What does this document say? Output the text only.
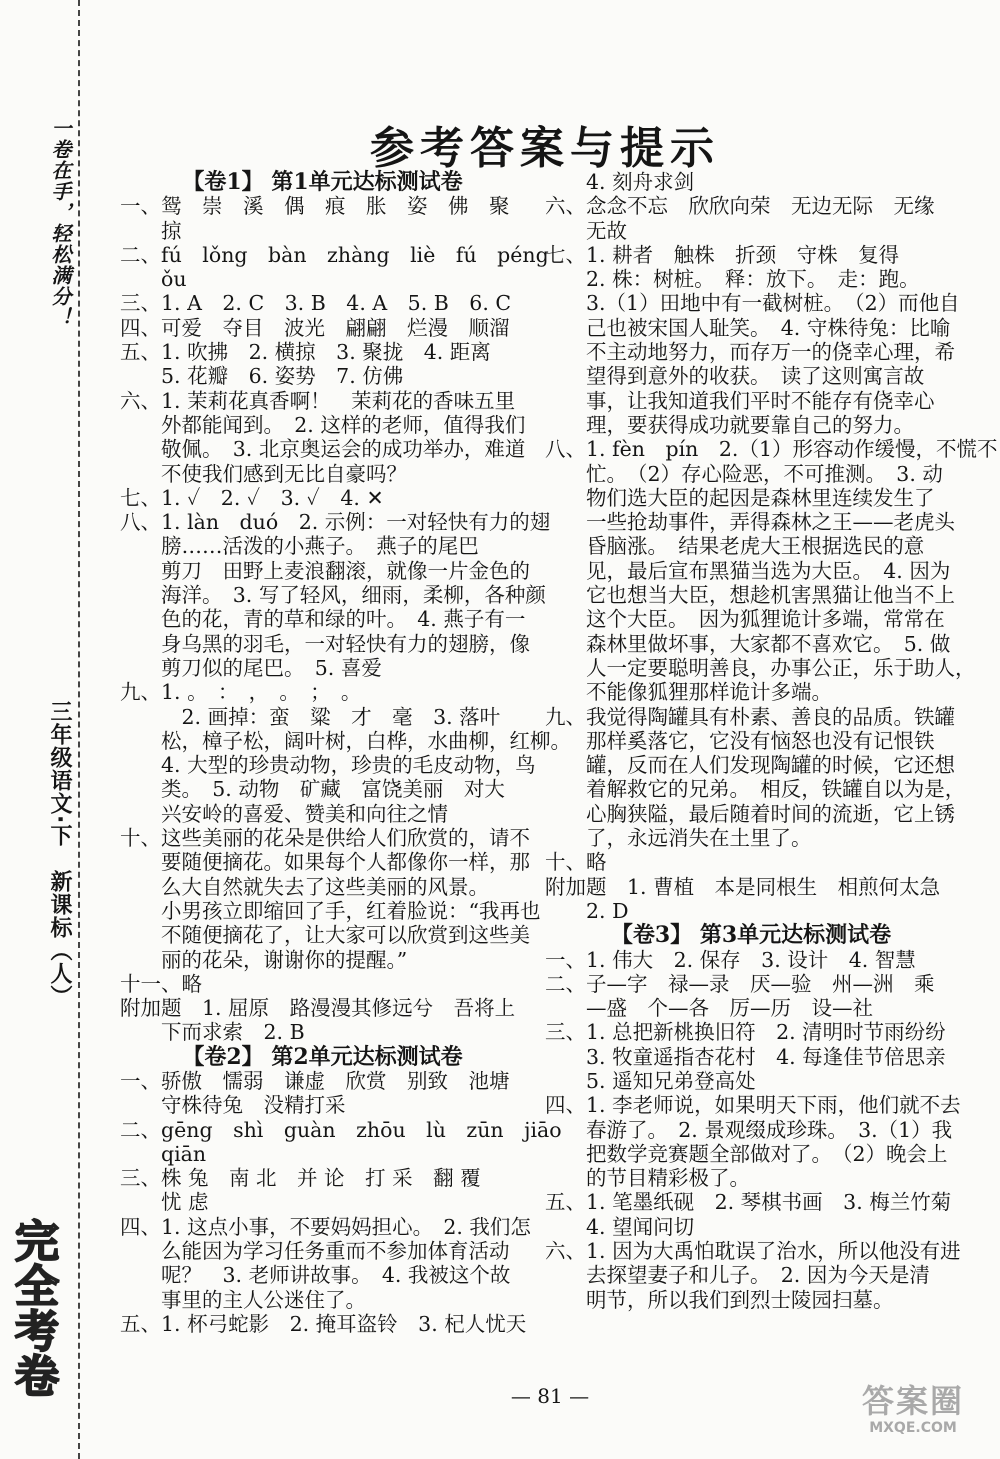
一卷在手，轻松满分！
三年级语文·下　新课标（人）
完全考卷
参考答案与提示
【卷1】 第1单元达标测试卷
一、鸳　崇　溪　偶　痕　胀　姿　佛　聚
　　掠
二、fú　lǒng　bàn　zhàng　liè　fú　péng
　　ǒu
三、1. A　2. C　3. B　4. A　5. B　6. C
四、可爱　夺目　波光　翩翩　烂漫　顺溜
五、1. 吹拂　2. 横掠　3. 聚拢　4. 距离
　　5. 花瓣　6. 姿势　7. 仿佛
六、1. 茉莉花真香啊！　茉莉花的香味五里
　　外都能闻到。　2. 这样的老师，值得我们
　　敬佩。　3. 北京奥运会的成功举办，难道
　　不使我们感到无比自豪吗？
七、1. ✓　2. ✓　3. ✓　4. ✕
八、1. làn　duó　2. 示例：一对轻快有力的翅
　　膀……活泼的小燕子。　燕子的尾巴
　　剪刀　田野上麦浪翻滚，就像一片金色的
　　海洋。　3. 写了轻风，细雨，柔柳，各种颜
　　色的花，青的草和绿的叶。　4. 燕子有一
　　身乌黑的羽毛，一对轻快有力的翅膀，像
　　剪刀似的尾巴。　5. 喜爱
九、1. 。　：　，　。　；　。
　　　2. 画掉：蛮　粱　才　毫　3. 落叶
　　松，樟子松，阔叶树，白桦，水曲柳，红柳。
　　4. 大型的珍贵动物，珍贵的毛皮动物，鸟
　　类。　5. 动物　矿藏　富饶美丽　对大
　　兴安岭的喜爱、赞美和向往之情
十、这些美丽的花朵是供给人们欣赏的，请不
　　要随便摘花。如果每个人都像你一样，那
　　么大自然就失去了这些美丽的风景。
　　小男孩立即缩回了手，红着脸说：“我再也
　　不随便摘花了，让大家可以欣赏到这些美
　　丽的花朵，谢谢你的提醒。”
十一、略
附加题　1. 屈原　路漫漫其修远兮　吾将上
　　下而求索　2. B
【卷2】 第2单元达标测试卷
一、骄傲　懦弱　谦虚　欣赏　别致　池塘
　　守株待兔　没精打采
二、gēng　shì　guàn　zhōu　lù　zūn　jiāo
　　qiān
三、株 兔　南 北　并 论　打 采　翻 覆
　　忧 虑
四、1. 这点小事，不要妈妈担心。　2. 我们怎
　　么能因为学习任务重而不参加体育活动
　　呢？　3. 老师讲故事。　4. 我被这个故
　　事里的主人公迷住了。
五、1. 杯弓蛇影　2. 掩耳盗铃　3. 杞人忧天
　　4. 刻舟求剑
六、念念不忘　欣欣向荣　无边无际　无缘
　　无故
七、1. 耕者　触株　折颈　守株　复得
　　2. 株：树桩。　释：放下。　走：跑。
　　3.（1）田地中有一截树桩。　（2）而他自
　　己也被宋国人耻笑。　4. 守株待兔：比喻
　　不主动地努力，而存万一的侥幸心理，希
　　望得到意外的收获。　读了这则寓言故
　　事，让我知道我们平时不能存有侥幸心
　　理，要获得成功就要靠自己的努力。
八、1. fèn　pín　2.（1）形容动作缓慢，不慌不
　　忙。　（2）存心险恶，不可推测。　3. 动
　　物们选大臣的起因是森林里连续发生了
　　一些抢劫事件，弄得森林之王——老虎头
　　昏脑涨。　结果老虎大王根据选民的意
　　见，最后宣布黑猫当选为大臣。　4. 因为
　　它也想当大臣，想趁机害黑猫让他当不上
　　这个大臣。　因为狐狸诡计多端，常常在
　　森林里做坏事，大家都不喜欢它。　5. 做
　　人一定要聪明善良，办事公正，乐于助人，
　　不能像狐狸那样诡计多端。
九、我觉得陶罐具有朴素、善良的品质。铁罐
　　那样奚落它，它没有恼怒也没有记恨铁
　　罐，反而在人们发现陶罐的时候，它还想
　　着解救它的兄弟。　相反，铁罐自以为是，
　　心胸狭隘，最后随着时间的流逝，它上锈
　　了，永远消失在土里了。
十、略
附加题　1. 曹植　本是同根生　相煎何太急
　　2. D
【卷3】 第3单元达标测试卷
一、1. 伟大　2. 保存　3. 设计　4. 智慧
二、子—字　禄—录　厌—验　州—洲　乘
　　—盛　个—各　厉—历　设—社
三、1. 总把新桃换旧符　2. 清明时节雨纷纷
　　3. 牧童遥指杏花村　4. 每逢佳节倍思亲
　　5. 遥知兄弟登高处
四、1. 李老师说，如果明天下雨，他们就不去
　　春游了。　2. 景观缀成珍珠。　3.（1）我
　　把数学竞赛题全部做对了。　（2）晚会上
　　的节目精彩极了。
五、1. 笔墨纸砚　2. 琴棋书画　3. 梅兰竹菊
　　4. 望闻问切
六、1. 因为大禹怕耽误了治水，所以他没有进
　　去探望妻子和儿子。　2. 因为今天是清
　　明节，所以我们到烈士陵园扫墓。
— 81 —	答案圈
MXQE.COM
